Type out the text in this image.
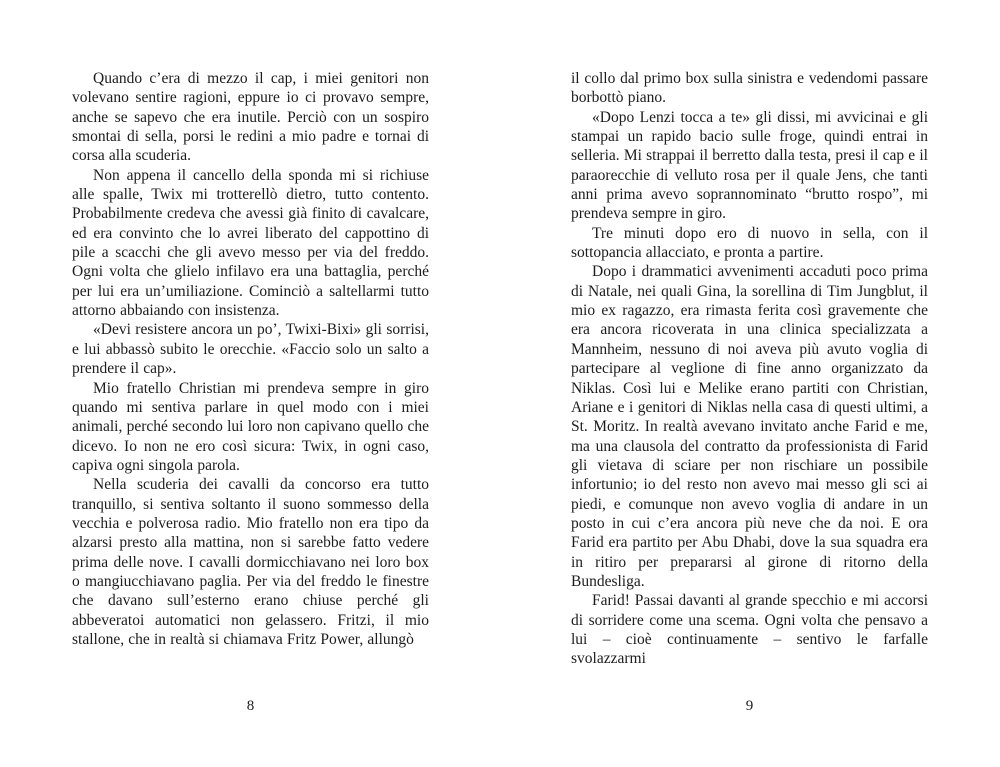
Quando c’era di mezzo il cap, i miei genitori non volevano sentire ragioni, eppure io ci provavo sempre, anche se sapevo che era inutile. Perciò con un sospiro smontai di sella, porsi le redini a mio padre e tornai di corsa alla scuderia.

Non appena il cancello della sponda mi si richiuse alle spalle, Twix mi trotterellò dietro, tutto contento. Probabilmente credeva che avessi già finito di cavalcare, ed era convinto che lo avrei liberato del cappottino di pile a scacchi che gli avevo messo per via del freddo. Ogni volta che glielo infilavo era una battaglia, perché per lui era un’umiliazione. Cominciò a saltellarmi tutto attorno abbaiando con insistenza.

«Devi resistere ancora un po’, Twixi-Bixi» gli sorrisi, e lui abbassò subito le orecchie. «Faccio solo un salto a prendere il cap».

Mio fratello Christian mi prendeva sempre in giro quando mi sentiva parlare in quel modo con i miei animali, perché secondo lui loro non capivano quello che dicevo. Io non ne ero così sicura: Twix, in ogni caso, capiva ogni singola parola.

Nella scuderia dei cavalli da concorso era tutto tranquillo, si sentiva soltanto il suono sommesso della vecchia e polverosa radio. Mio fratello non era tipo da alzarsi presto alla mattina, non si sarebbe fatto vedere prima delle nove. I cavalli dormicchiavano nei loro box o mangiucchiavano paglia. Per via del freddo le finestre che davano sull’esterno erano chiuse perché gli abbeveratoi automatici non gelassero. Fritzi, il mio stallone, che in realtà si chiamava Fritz Power, allungò

8

il collo dal primo box sulla sinistra e vedendomi passare borbottò piano.

«Dopo Lenzi tocca a te» gli dissi, mi avvicinai e gli stampai un rapido bacio sulle froge, quindi entrai in selleria. Mi strappai il berretto dalla testa, presi il cap e il paraorecchie di velluto rosa per il quale Jens, che tanti anni prima avevo soprannominato “brutto rospo”, mi prendeva sempre in giro.

Tre minuti dopo ero di nuovo in sella, con il sottopancia allacciato, e pronta a partire.

Dopo i drammatici avvenimenti accaduti poco prima di Natale, nei quali Gina, la sorellina di Tim Jungblut, il mio ex ragazzo, era rimasta ferita così gravemente che era ancora ricoverata in una clinica specializzata a Mannheim, nessuno di noi aveva più avuto voglia di partecipare al veglione di fine anno organizzato da Niklas. Così lui e Melike erano partiti con Christian, Ariane e i genitori di Niklas nella casa di questi ultimi, a St. Moritz. In realtà avevano invitato anche Farid e me, ma una clausola del contratto da professionista di Farid gli vietava di sciare per non rischiare un possibile infortunio; io del resto non avevo mai messo gli sci ai piedi, e comunque non avevo voglia di andare in un posto in cui c’era ancora più neve che da noi. E ora Farid era partito per Abu Dhabi, dove la sua squadra era in ritiro per prepararsi al girone di ritorno della Bundesliga.

Farid! Passai davanti al grande specchio e mi accorsi di sorridere come una scema. Ogni volta che pensavo a lui – cioè continuamente – sentivo le farfalle svolazzarmi

9
